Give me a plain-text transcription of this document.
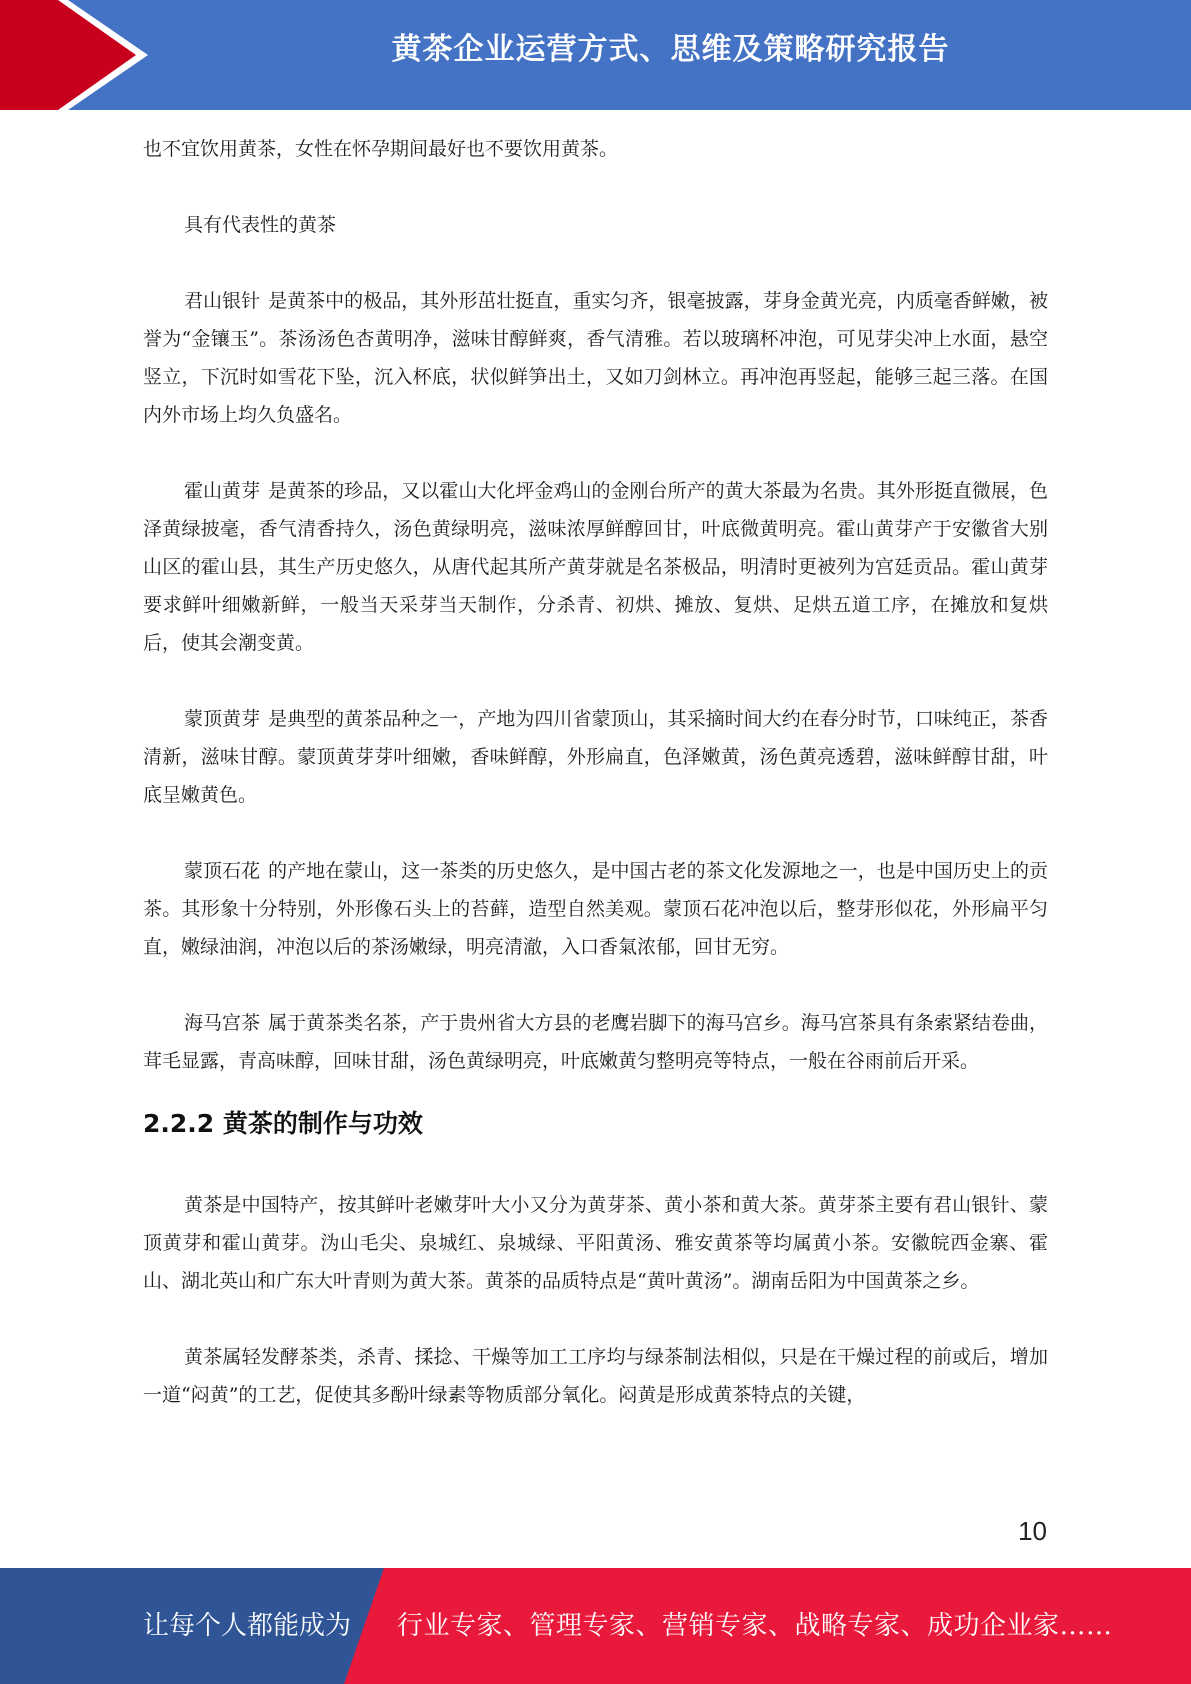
黄茶企业运营方式、思维及策略研究报告

也不宜饮用黄茶，女性在怀孕期间最好也不要饮用黄茶。

具有代表性的黄茶

君山银针 是黄茶中的极品，其外形茁壮挺直，重实匀齐，银毫披露，芽身金黄光亮，内质毫香鲜嫩，被誉为“金镶玉”。茶汤汤色杏黄明净，滋味甘醇鲜爽，香气清雅。若以玻璃杯冲泡，可见芽尖冲上水面，悬空竖立，下沉时如雪花下坠，沉入杯底，状似鲜笋出土，又如刀剑林立。再冲泡再竖起，能够三起三落。在国内外市场上均久负盛名。

霍山黄芽 是黄茶的珍品，又以霍山大化坪金鸡山的金刚台所产的黄大茶最为名贵。其外形挺直微展，色泽黄绿披毫，香气清香持久，汤色黄绿明亮，滋味浓厚鲜醇回甘，叶底微黄明亮。霍山黄芽产于安徽省大别山区的霍山县，其生产历史悠久，从唐代起其所产黄芽就是名茶极品，明清时更被列为宫廷贡品。霍山黄芽要求鲜叶细嫩新鲜，一般当天采芽当天制作，分杀青、初烘、摊放、复烘、足烘五道工序，在摊放和复烘后，使其会潮变黄。

蒙顶黄芽 是典型的黄茶品种之一，产地为四川省蒙顶山，其采摘时间大约在春分时节，口味纯正，茶香清新，滋味甘醇。蒙顶黄芽芽叶细嫩，香味鲜醇，外形扁直，色泽嫩黄，汤色黄亮透碧，滋味鲜醇甘甜，叶底呈嫩黄色。

蒙顶石花 的产地在蒙山，这一茶类的历史悠久，是中国古老的茶文化发源地之一，也是中国历史上的贡茶。其形象十分特别，外形像石头上的苔藓，造型自然美观。蒙顶石花冲泡以后，整芽形似花，外形扁平匀直，嫩绿油润，冲泡以后的茶汤嫩绿，明亮清澈，入口香氣浓郁，回甘无穷。

海马宫茶 属于黄茶类名茶，产于贵州省大方县的老鹰岩脚下的海马宫乡。海马宫茶具有条索紧结卷曲，茸毛显露，青高味醇，回味甘甜，汤色黄绿明亮，叶底嫩黄匀整明亮等特点，一般在谷雨前后开采。

2.2.2 黄茶的制作与功效

黄茶是中国特产，按其鲜叶老嫩芽叶大小又分为黄芽茶、黄小茶和黄大茶。黄芽茶主要有君山银针、蒙顶黄芽和霍山黄芽。沩山毛尖、泉城红、泉城绿、平阳黄汤、雅安黄茶等均属黄小茶。安徽皖西金寨、霍山、湖北英山和广东大叶青则为黄大茶。黄茶的品质特点是“黄叶黄汤”。湖南岳阳为中国黄茶之乡。

黄茶属轻发酵茶类，杀青、揉捻、干燥等加工工序均与绿茶制法相似，只是在干燥过程的前或后，增加一道“闷黄”的工艺，促使其多酚叶绿素等物质部分氧化。闷黄是形成黄茶特点的关键，

10
让每个人都能成为 行业专家、管理专家、营销专家、战略专家、成功企业家……
